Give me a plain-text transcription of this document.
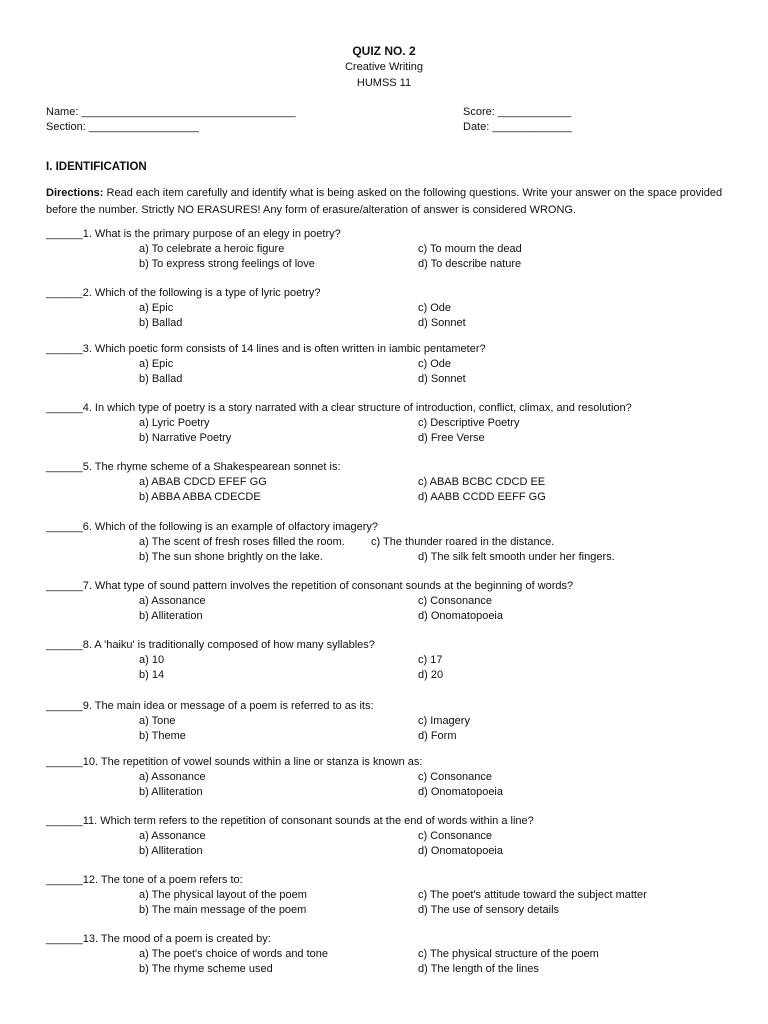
QUIZ NO. 2
Creative Writing
HUMSS 11
Name: ___________________________________
Section: __________________
Score: ____________
Date: _____________
I. IDENTIFICATION
Directions: Read each item carefully and identify what is being asked on the following questions. Write your answer on the space provided before the number. Strictly NO ERASURES! Any form of erasure/alteration of answer is considered WRONG.
______1. What is the primary purpose of an elegy in poetry?
a) To celebrate a heroic figure
b) To express strong feelings of love
c) To mourn the dead
d) To describe nature
______2. Which of the following is a type of lyric poetry?
a) Epic
b) Ballad
c) Ode
d) Sonnet
______3. Which poetic form consists of 14 lines and is often written in iambic pentameter?
a) Epic
b) Ballad
c) Ode
d) Sonnet
______4. In which type of poetry is a story narrated with a clear structure of introduction, conflict, climax, and resolution?
a) Lyric Poetry
b) Narrative Poetry
c) Descriptive Poetry
d) Free Verse
______5. The rhyme scheme of a Shakespearean sonnet is:
a) ABAB CDCD EFEF GG
b) ABBA ABBA CDECDE
c) ABAB BCBC CDCD EE
d) AABB CCDD EEFF GG
______6. Which of the following is an example of olfactory imagery?
a) The scent of fresh roses filled the room.
b) The sun shone brightly on the lake.
c) The thunder roared in the distance.
d) The silk felt smooth under her fingers.
______7. What type of sound pattern involves the repetition of consonant sounds at the beginning of words?
a) Assonance
b) Alliteration
c) Consonance
d) Onomatopoeia
______8. A 'haiku' is traditionally composed of how many syllables?
a) 10
b) 14
c) 17
d) 20
______9. The main idea or message of a poem is referred to as its:
a) Tone
b) Theme
c) Imagery
d) Form
______10. The repetition of vowel sounds within a line or stanza is known as:
a) Assonance
b) Alliteration
c) Consonance
d) Onomatopoeia
______11. Which term refers to the repetition of consonant sounds at the end of words within a line?
a) Assonance
b) Alliteration
c) Consonance
d) Onomatopoeia
______12. The tone of a poem refers to:
a) The physical layout of the poem
b) The main message of the poem
c) The poet's attitude toward the subject matter
d) The use of sensory details
______13. The mood of a poem is created by:
a) The poet's choice of words and tone
b) The rhyme scheme used
c) The physical structure of the poem
d) The length of the lines
